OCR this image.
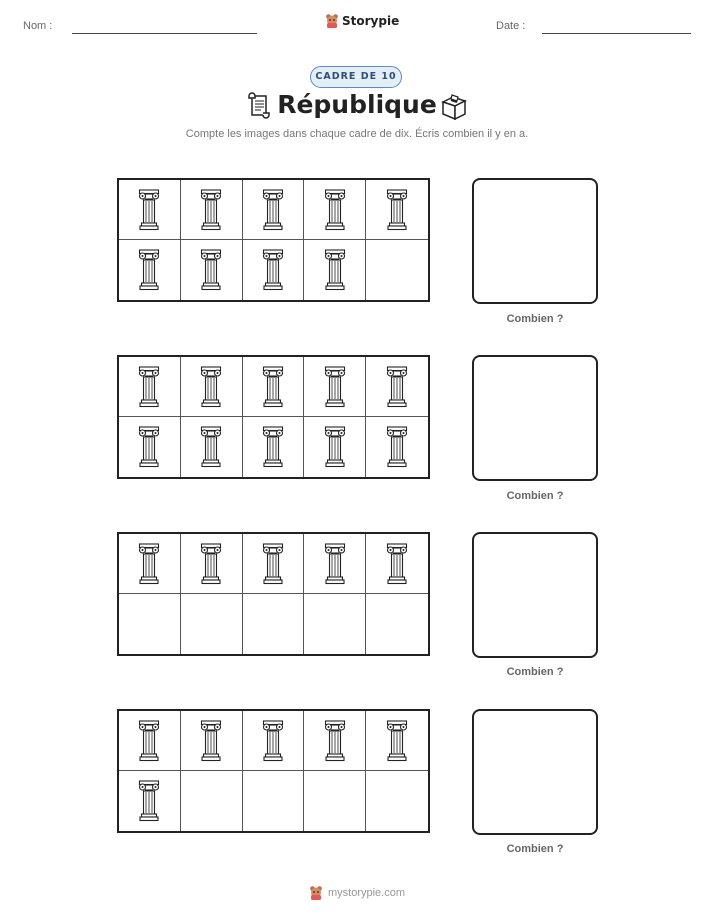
Nom :	Storypie	Date :
CADRE DE 10
République
Compte les images dans chaque cadre de dix. Écris combien il y en a.
Combien ?
Combien ?
Combien ?
Combien ?
mystorypie.com
